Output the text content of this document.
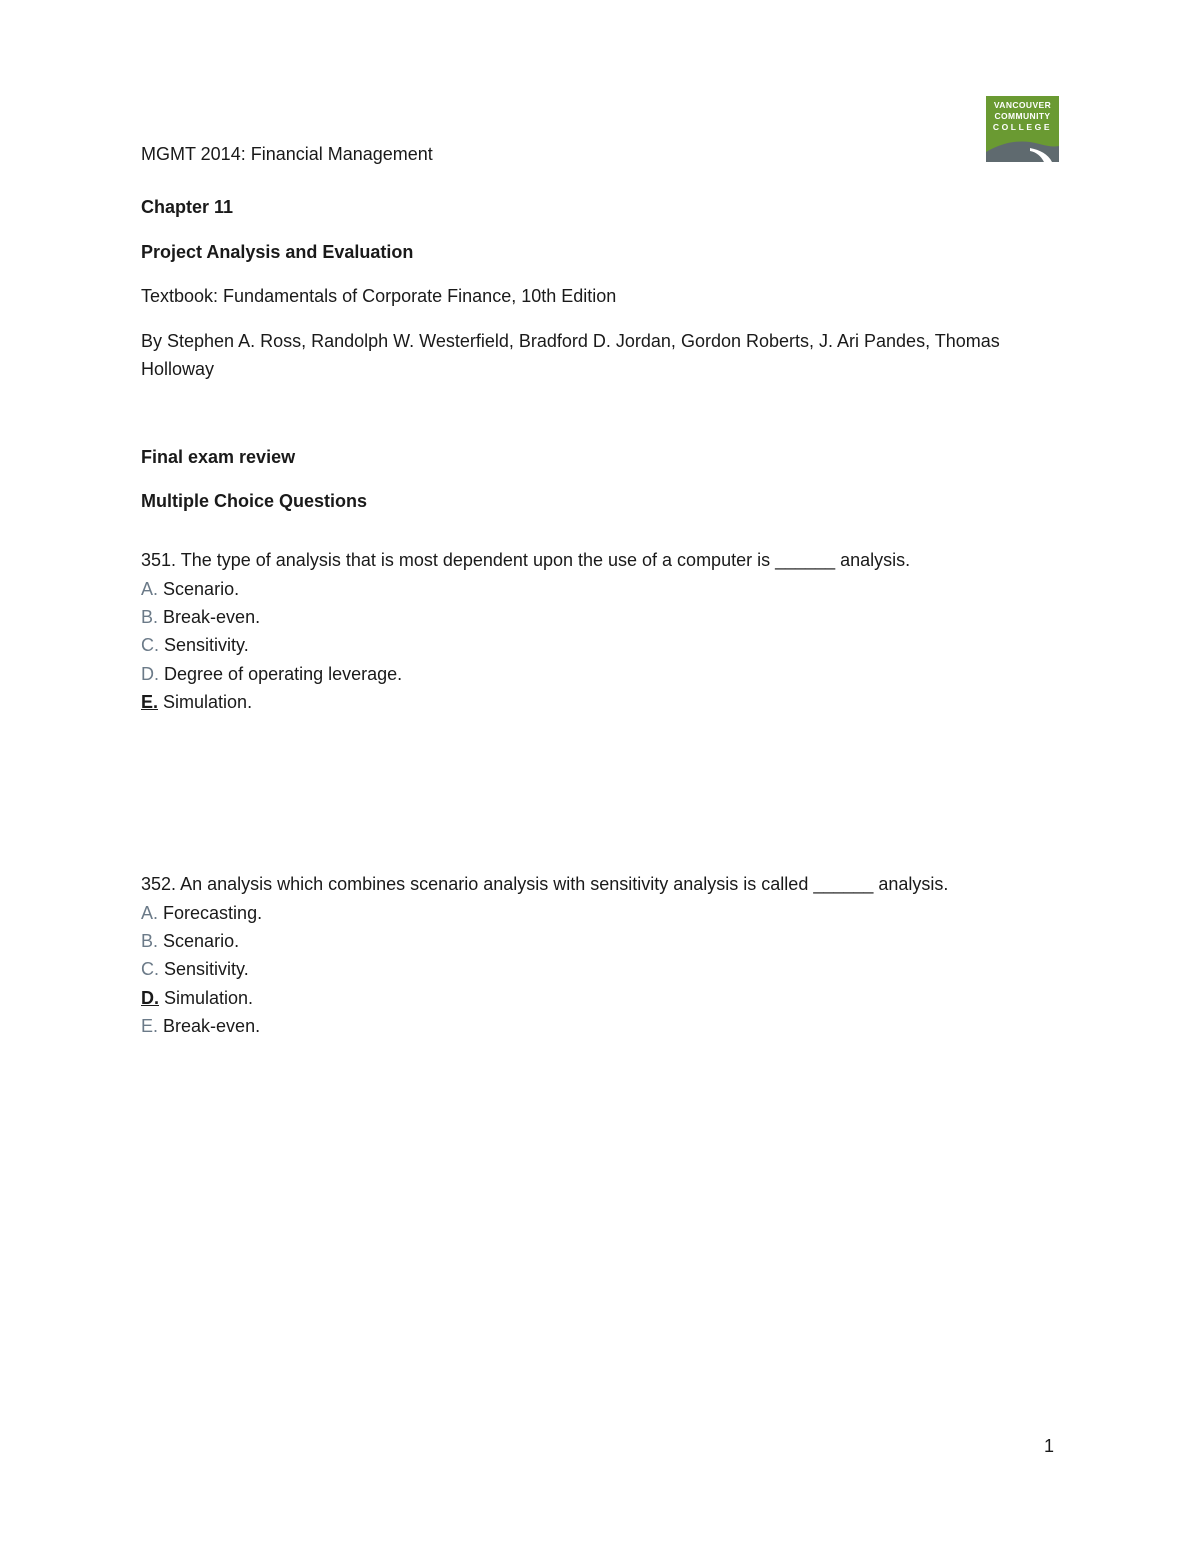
VANCOUVER
COMMUNITY
COLLEGE
MGMT 2014: Financial Management
Chapter 11
Project Analysis and Evaluation
Textbook: Fundamentals of Corporate Finance, 10th Edition
By Stephen A. Ross, Randolph W. Westerfield, Bradford D. Jordan, Gordon Roberts, J. Ari Pandes, Thomas Holloway
Final exam review
Multiple Choice Questions
351. The type of analysis that is most dependent upon the use of a computer is ______ analysis.
A. Scenario.
B. Break-even.
C. Sensitivity.
D. Degree of operating leverage.
E. Simulation.
352. An analysis which combines scenario analysis with sensitivity analysis is called ______ analysis.
A. Forecasting.
B. Scenario.
C. Sensitivity.
D. Simulation.
E. Break-even.
1
